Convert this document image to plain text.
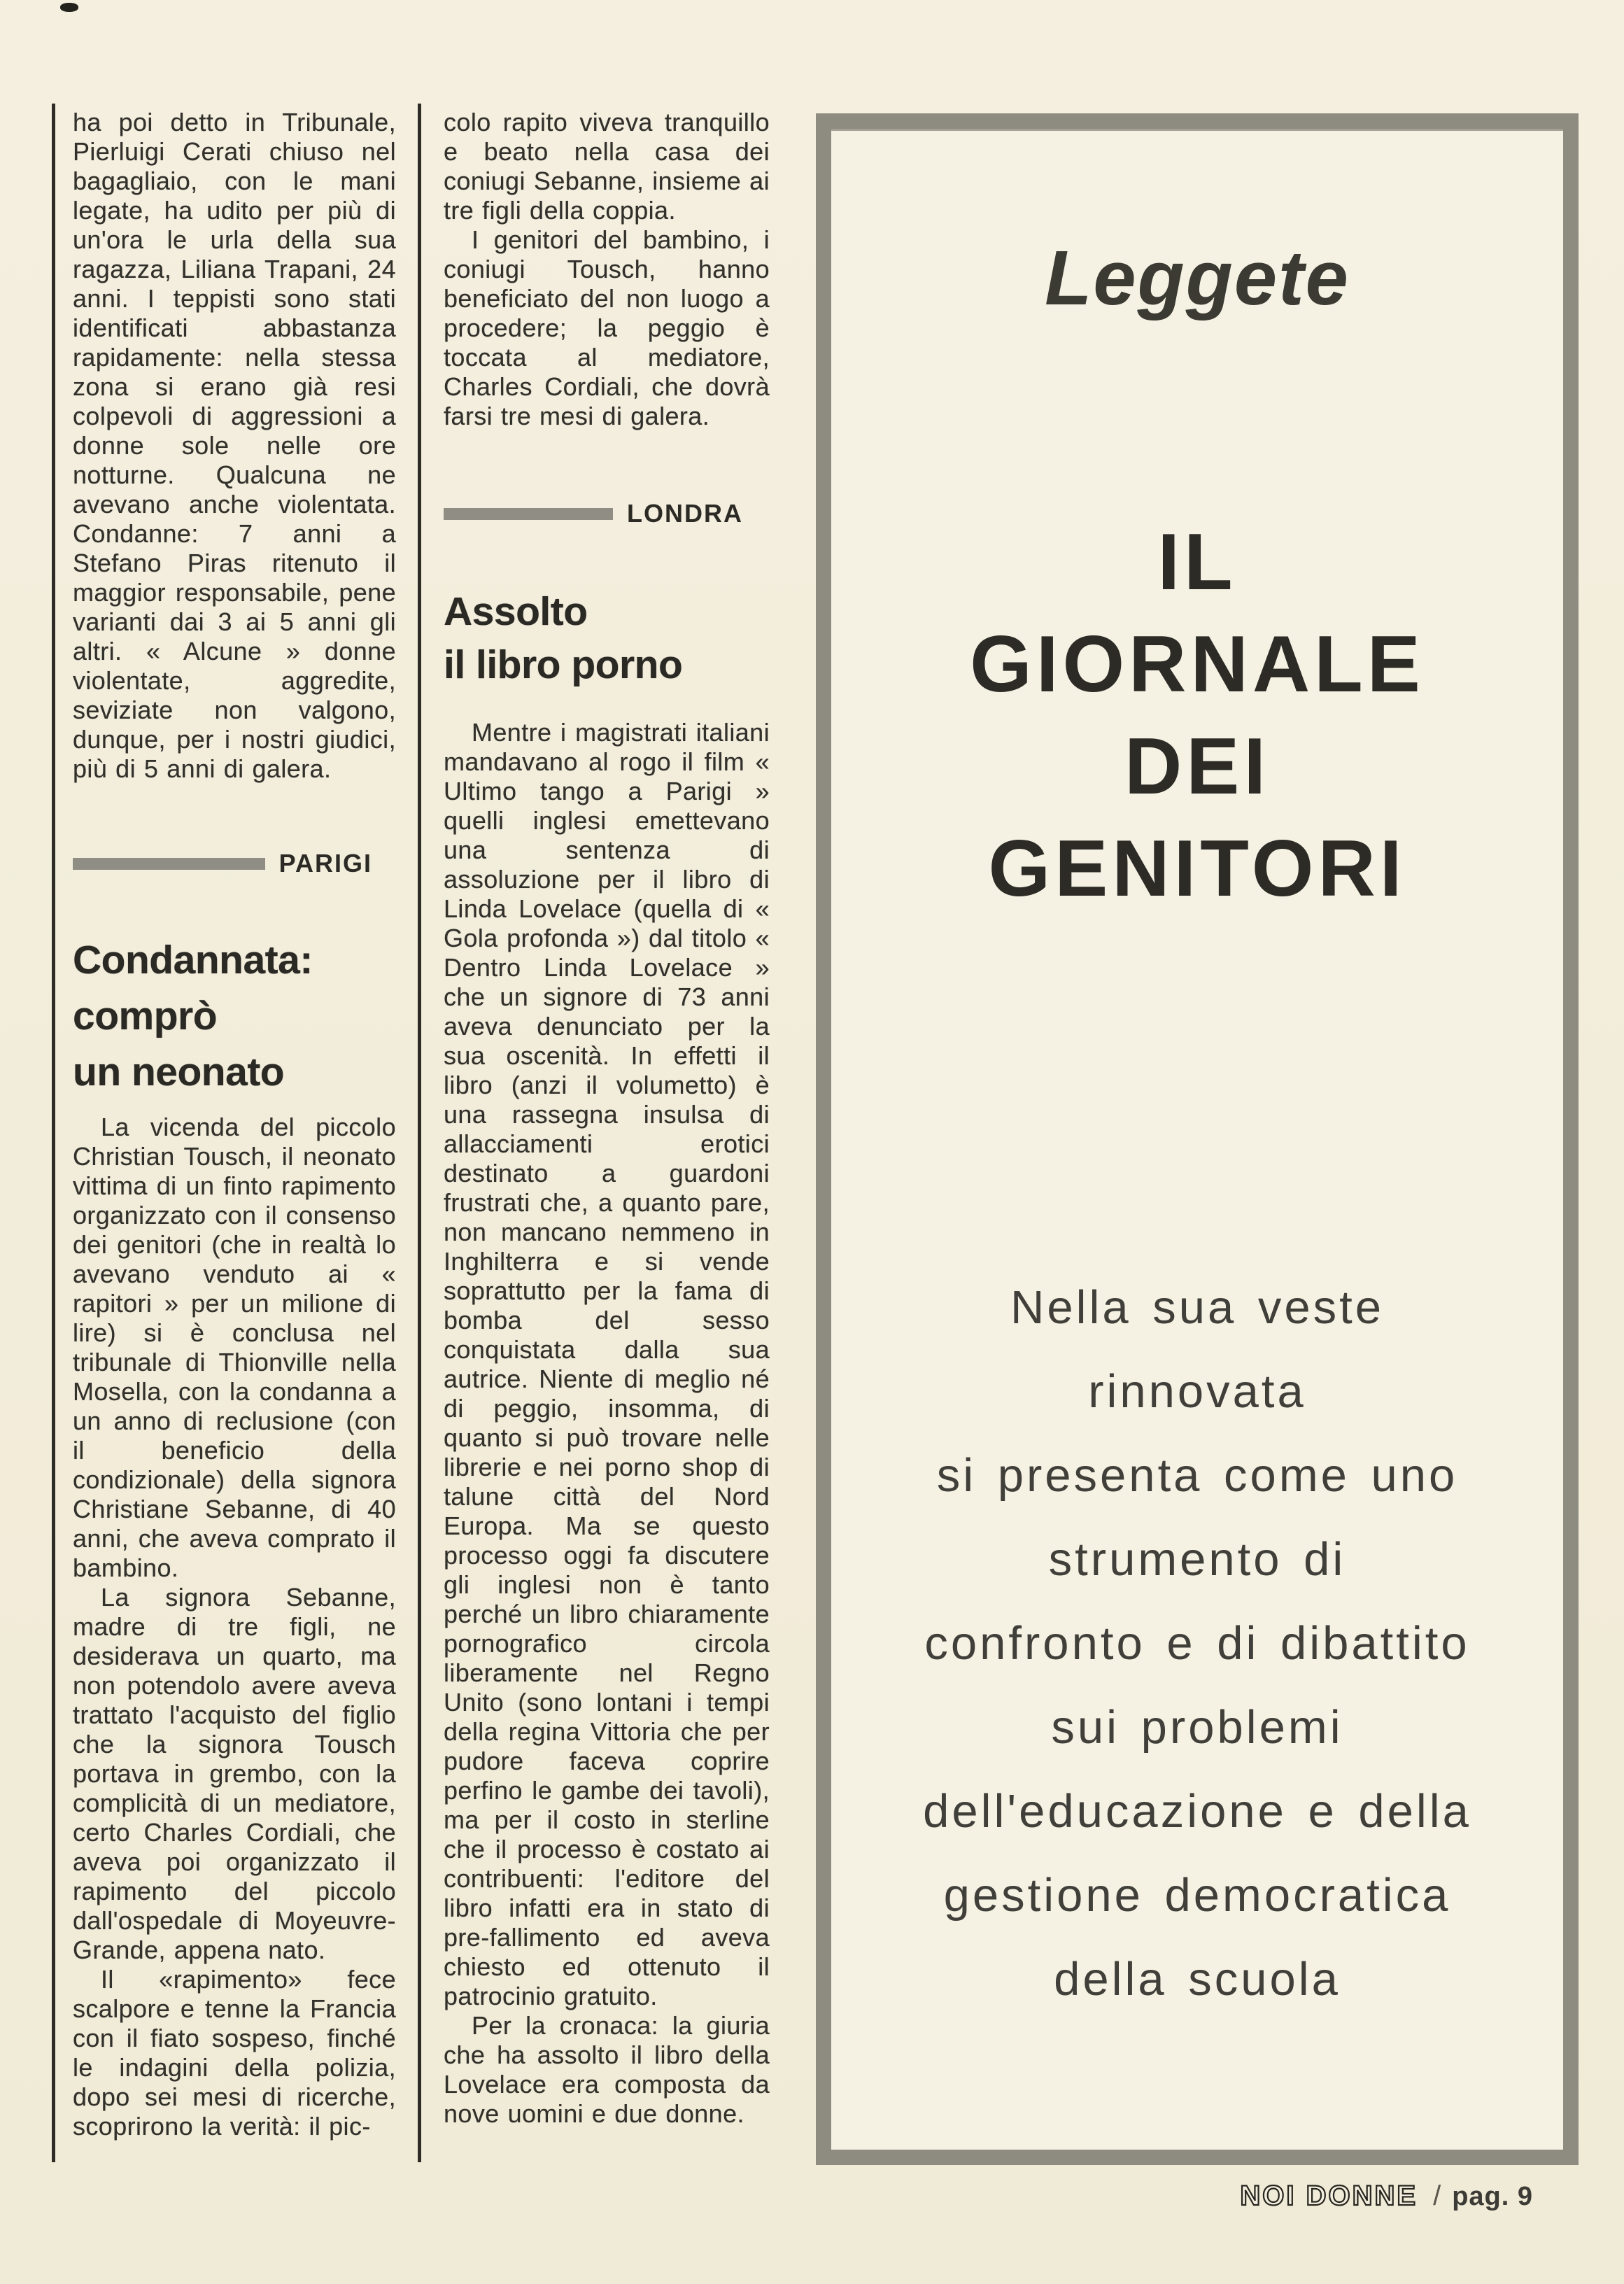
ha poi detto in Tribunale, Pierluigi Cerati chiuso nel bagagliaio, con le mani legate, ha udito per più di un'ora le urla della sua ragazza, Liliana Trapani, 24 anni. I teppisti sono stati identificati abbastanza rapidamente: nella stessa zona si erano già resi colpevoli di aggressioni a donne sole nelle ore notturne. Qualcuna ne avevano anche violentata. Condanne: 7 anni a Stefano Piras ritenuto il maggior responsabile, pene varianti dai 3 ai 5 anni gli altri. « Alcune » donne violentate, aggredite, seviziate non valgono, dunque, per i nostri giudici, più di 5 anni di galera.

PARIGI
Condannata:
comprò
un neonato

La vicenda del piccolo Christian Tousch, il neonato vittima di un finto rapimento organizzato con il consenso dei genitori (che in realtà lo avevano venduto ai « rapitori » per un milione di lire) si è conclusa nel tribunale di Thionville nella Mosella, con la condanna a un anno di reclusione (con il beneficio della condizionale) della signora Christiane Sebanne, di 40 anni, che aveva comprato il bambino.

La signora Sebanne, madre di tre figli, ne desiderava un quarto, ma non potendolo avere aveva trattato l'acquisto del figlio che la signora Tousch portava in grembo, con la complicità di un mediatore, certo Charles Cordiali, che aveva poi organizzato il rapimento del piccolo dall'ospedale di Moyeuvre-Grande, appena nato.

Il «rapimento» fece scalpore e tenne la Francia con il fiato sospeso, finché le indagini della polizia, dopo sei mesi di ricerche, scoprirono la verità: il pic-

colo rapito viveva tranquillo e beato nella casa dei coniugi Sebanne, insieme ai tre figli della coppia.

I genitori del bambino, i coniugi Tousch, hanno beneficiato del non luogo a procedere; la peggio è toccata al mediatore, Charles Cordiali, che dovrà farsi tre mesi di galera.

LONDRA
Assolto
il libro porno

Mentre i magistrati italiani mandavano al rogo il film « Ultimo tango a Parigi » quelli inglesi emettevano una sentenza di assoluzione per il libro di Linda Lovelace (quella di « Gola profonda ») dal titolo « Dentro Linda Lovelace » che un signore di 73 anni aveva denunciato per la sua oscenità. In effetti il libro (anzi il volumetto) è una rassegna insulsa di allacciamenti erotici destinato a guardoni frustrati che, a quanto pare, non mancano nemmeno in Inghilterra e si vende soprattutto per la fama di bomba del sesso conquistata dalla sua autrice. Niente di meglio né di peggio, insomma, di quanto si può trovare nelle librerie e nei porno shop di talune città del Nord Europa. Ma se questo processo oggi fa discutere gli inglesi non è tanto perché un libro chiaramente pornografico circola liberamente nel Regno Unito (sono lontani i tempi della regina Vittoria che per pudore faceva coprire perfino le gambe dei tavoli), ma per il costo in sterline che il processo è costato ai contribuenti: l'editore del libro infatti era in stato di pre-fallimento ed aveva chiesto ed ottenuto il patrocinio gratuito.

Per la cronaca: la giuria che ha assolto il libro della Lovelace era composta da nove uomini e due donne.

Leggete
IL
GIORNALE
DEI
GENITORI
Nella sua veste
rinnovata
si presenta come uno
strumento di
confronto e di dibattito
sui problemi
dell'educazione e della
gestione democratica
della scuola
NOI DONNE / pag. 9
